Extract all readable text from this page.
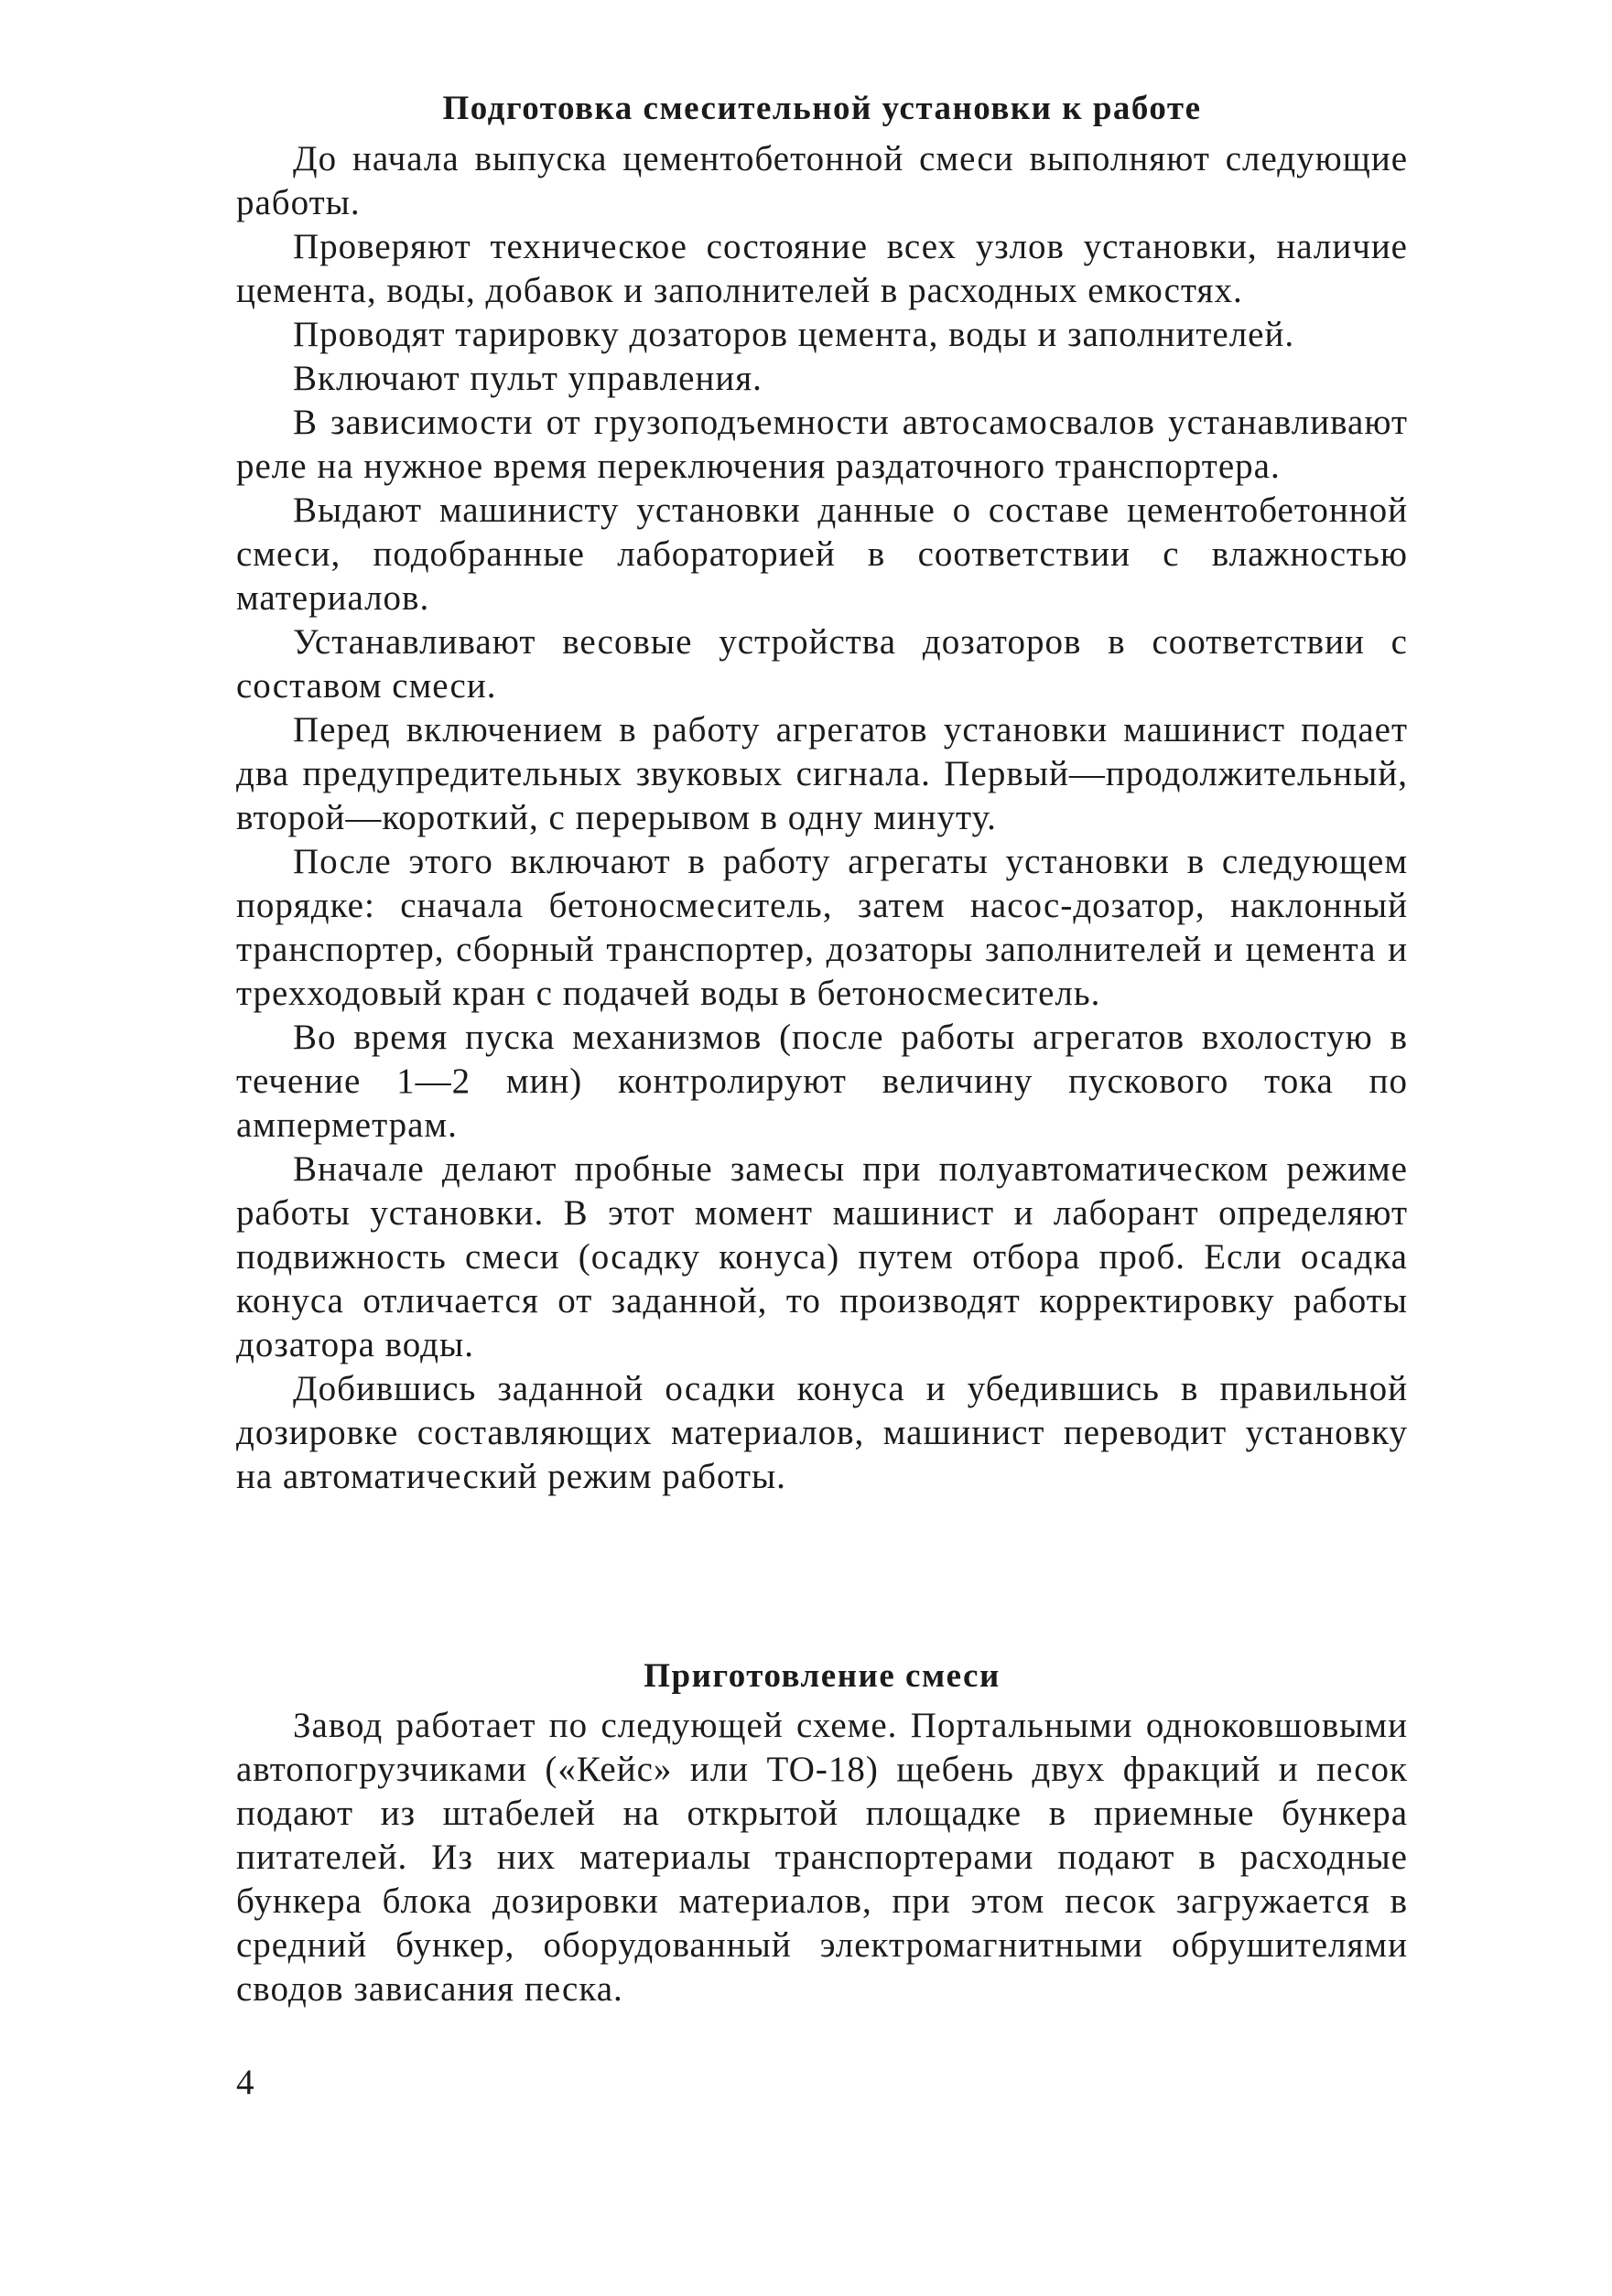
Подготовка смесительной установки к работе

До начала выпуска цементобетонной смеси выполняют следующие работы.

Проверяют техническое состояние всех узлов установки, наличие цемента, воды, добавок и заполнителей в расходных емкостях.

Проводят тарировку дозаторов цемента, воды и заполнителей.

Включают пульт управления.

В зависимости от грузоподъемности автосамосвалов устанавливают реле на нужное время переключения раздаточного транспортера.

Выдают машинисту установки данные о составе цементобетонной смеси, подобранные лабораторией в соответствии с влажностью материалов.

Устанавливают весовые устройства дозаторов в соответствии с составом смеси.

Перед включением в работу агрегатов установки машинист подает два предупредительных звуковых сигнала. Первый—продолжительный, второй—короткий, с перерывом в одну минуту.

После этого включают в работу агрегаты установки в следующем порядке: сначала бетоносмеситель, затем насос-дозатор, наклонный транспортер, сборный транспортер, дозаторы заполнителей и цемента и трехходовый кран с подачей воды в бетоносмеситель.

Во время пуска механизмов (после работы агрегатов вхолостую в течение 1—2 мин) контролируют величину пускового тока по амперметрам.

Вначале делают пробные замесы при полуавтоматическом режиме работы установки. В этот момент машинист и лаборант определяют подвижность смеси (осадку конуса) путем отбора проб. Если осадка конуса отличается от заданной, то производят корректировку работы дозатора воды.

Добившись заданной осадки конуса и убедившись в правильной дозировке составляющих материалов, машинист переводит установку на автоматический режим работы.

Приготовление смеси

Завод работает по следующей схеме. Портальными одноковшовыми автопогрузчиками («Кейс» или ТО-18) щебень двух фракций и песок подают из штабелей на открытой площадке в приемные бункера питателей. Из них материалы транспортерами подают в расходные бункера блока дозировки материалов, при этом песок загружается в средний бункер, оборудованный электромагнитными обрушителями сводов зависания песка.

4
